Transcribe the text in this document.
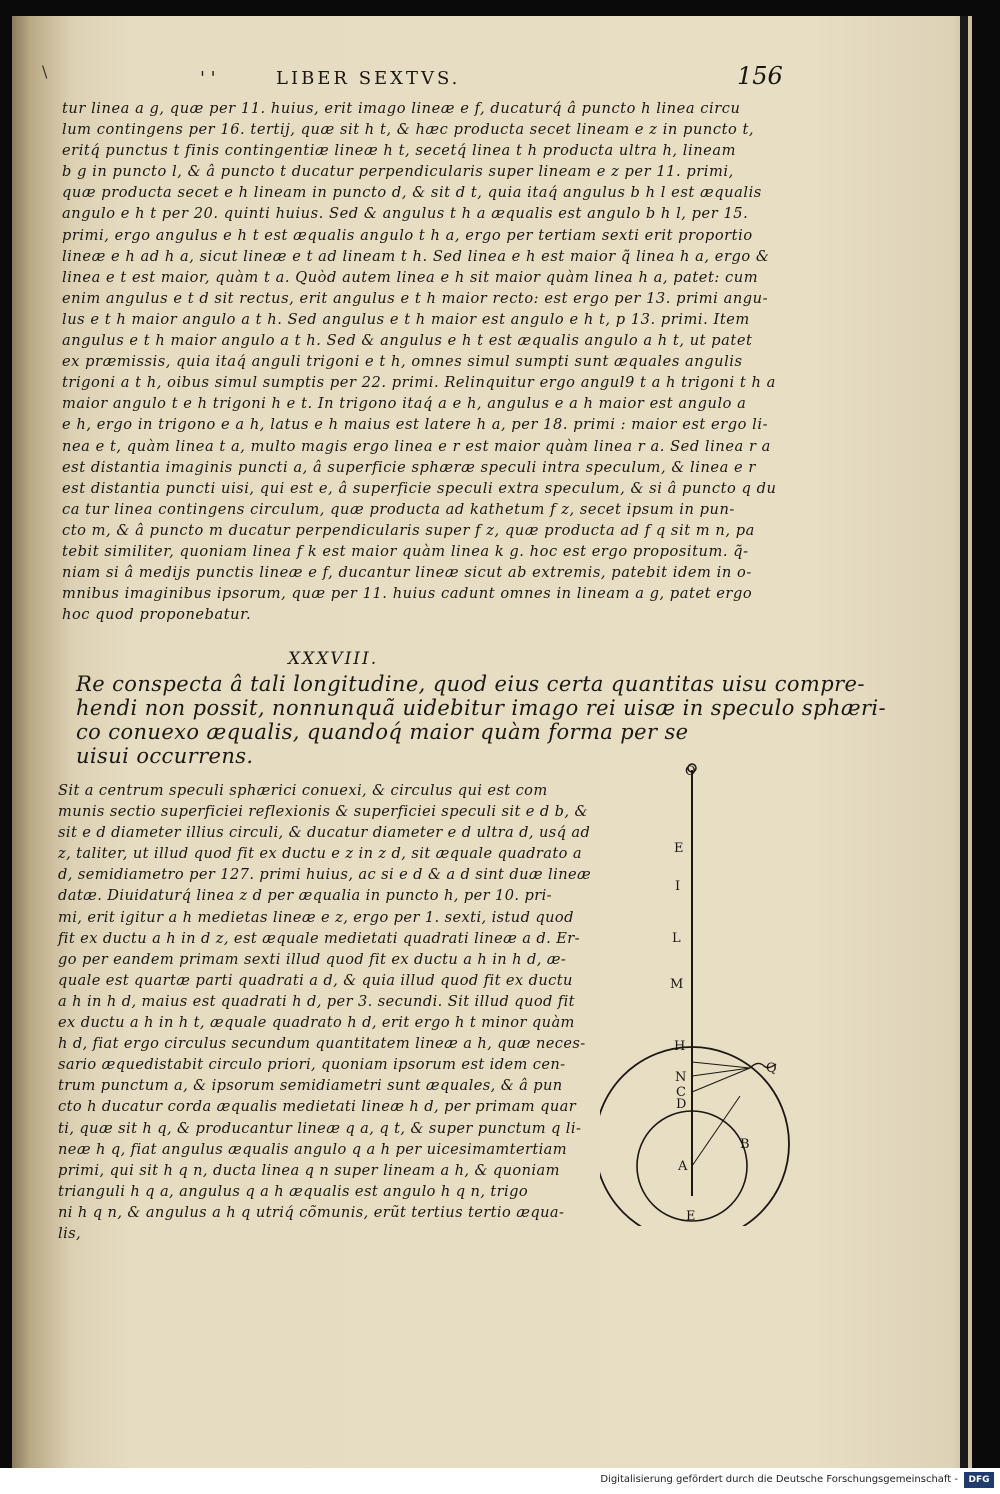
\	' '	LIBER SEXTVS.	156
tur linea a g, quæ per 11. huius, erit imago lineæ e f, ducaturq́ â puncto h linea circu
lum contingens per 16. tertij, quæ sit h t, & hæc producta secet lineam e z in puncto t,
eritq́ punctus t finis contingentiæ lineæ h t, secetq́ linea t h producta ultra h, lineam
b g in puncto l, & â puncto t ducatur perpendicularis super lineam e z per 11. primi,
quæ producta secet e h lineam in puncto d, & sit d t, quia itaq́ angulus b h l est æqualis
angulo e h t per 20. quinti huius. Sed & angulus t h a æqualis est angulo b h l, per 15.
primi, ergo angulus e h t est æqualis angulo t h a, ergo per tertiam sexti erit proportio
lineæ e h ad h a, sicut lineæ e t ad lineam t h. Sed linea e h est maior q̃ linea h a, ergo &
linea e t est maior, quàm t a. Quòd autem linea e h sit maior quàm linea h a, patet: cum
enim angulus e t d sit rectus, erit angulus e t h maior recto: est ergo per 13. primi angu-
lus e t h maior angulo a t h. Sed angulus e t h maior est angulo e h t, p 13. primi. Item
angulus e t h maior angulo a t h. Sed & angulus e h t est æqualis angulo a h t, ut patet
ex præmissis, quia itaq́ anguli trigoni e t h, omnes simul sumpti sunt æquales angulis
trigoni a t h, oibus simul sumptis per 22. primi. Relinquitur ergo angul9 t a h trigoni t h a
maior angulo t e h trigoni h e t. In trigono itaq́ a e h, angulus e a h maior est angulo a
e h, ergo in trigono e a h, latus e h maius est latere h a, per 18. primi : maior est ergo li-
nea e t, quàm linea t a, multo magis ergo linea e r est maior quàm linea r a. Sed linea r a
est distantia imaginis puncti a, â superficie sphæræ speculi intra speculum, & linea e r
est distantia puncti uisi, qui est e, â superficie speculi extra speculum, & si â puncto q du
ca tur linea contingens circulum, quæ producta ad kathetum f z, secet ipsum in pun-
cto m, & â puncto m ducatur perpendicularis super f z, quæ producta ad f q sit m n, pa
tebit similiter, quoniam linea f k est maior quàm linea k g. hoc est ergo propositum. q̃-
niam si â medijs punctis lineæ e f, ducantur lineæ sicut ab extremis, patebit idem in o-
mnibus imaginibus ipsorum, quæ per 11. huius cadunt omnes in lineam a g, patet ergo
hoc quod proponebatur.
XXXVIII.
Re conspecta â tali longitudine, quod eius certa quantitas uisu compre-
hendi non possit, nonnunquã uidebitur imago rei uisæ in speculo sphæri-
co conuexo æqualis, quandoq́ maior quàm forma per se
uisui occurrens.
Sit a centrum speculi sphærici conuexi, & circulus qui est com
munis sectio superficiei reflexionis & superficiei speculi sit e d b, &
sit e d diameter illius circuli, & ducatur diameter e d ultra d, usq́ ad
z, taliter, ut illud quod fit ex ductu e z in z d, sit æquale quadrato a
d, semidiametro per 127. primi huius, ac si e d & a d sint duæ lineæ
datæ. Diuidaturq́ linea z d per æqualia in puncto h, per 10. pri-
mi, erit igitur a h medietas lineæ e z, ergo per 1. sexti, istud quod
fit ex ductu a h in d z, est æquale medietati quadrati lineæ a d. Er-
go per eandem primam sexti illud quod fit ex ductu a h in h d, æ-
quale est quartæ parti quadrati a d, & quia illud quod fit ex ductu
a h in h d, maius est quadrati h d, per 3. secundi. Sit illud quod fit
ex ductu a h in h t, æquale quadrato h d, erit ergo h t minor quàm
h d, fiat ergo circulus secundum quantitatem lineæ a h, quæ neces-
sario æquedistabit circulo priori, quoniam ipsorum est idem cen-
trum punctum a, & ipsorum semidiametri sunt æquales, & â pun
cto h ducatur corda æqualis medietati lineæ h d, per primam quar
ti, quæ sit h q, & producantur lineæ q a, q t, & super punctum q li-
neæ h q, fiat angulus æqualis angulo q a h per uicesimamtertiam
primi, qui sit h q n, ducta linea q n super lineam a h, & quoniam
trianguli h q a, angulus q a h æqualis est angulo h q n, trigo
ni h q n, & angulus a h q utriq́ cõmunis, erũt tertius tertio æqua-
lis,
O
E
I
L
M
H
N
C
D
Q
A
B
E
Digitalisierung gefördert durch die Deutsche Forschungsgemeinschaft -	DFG
